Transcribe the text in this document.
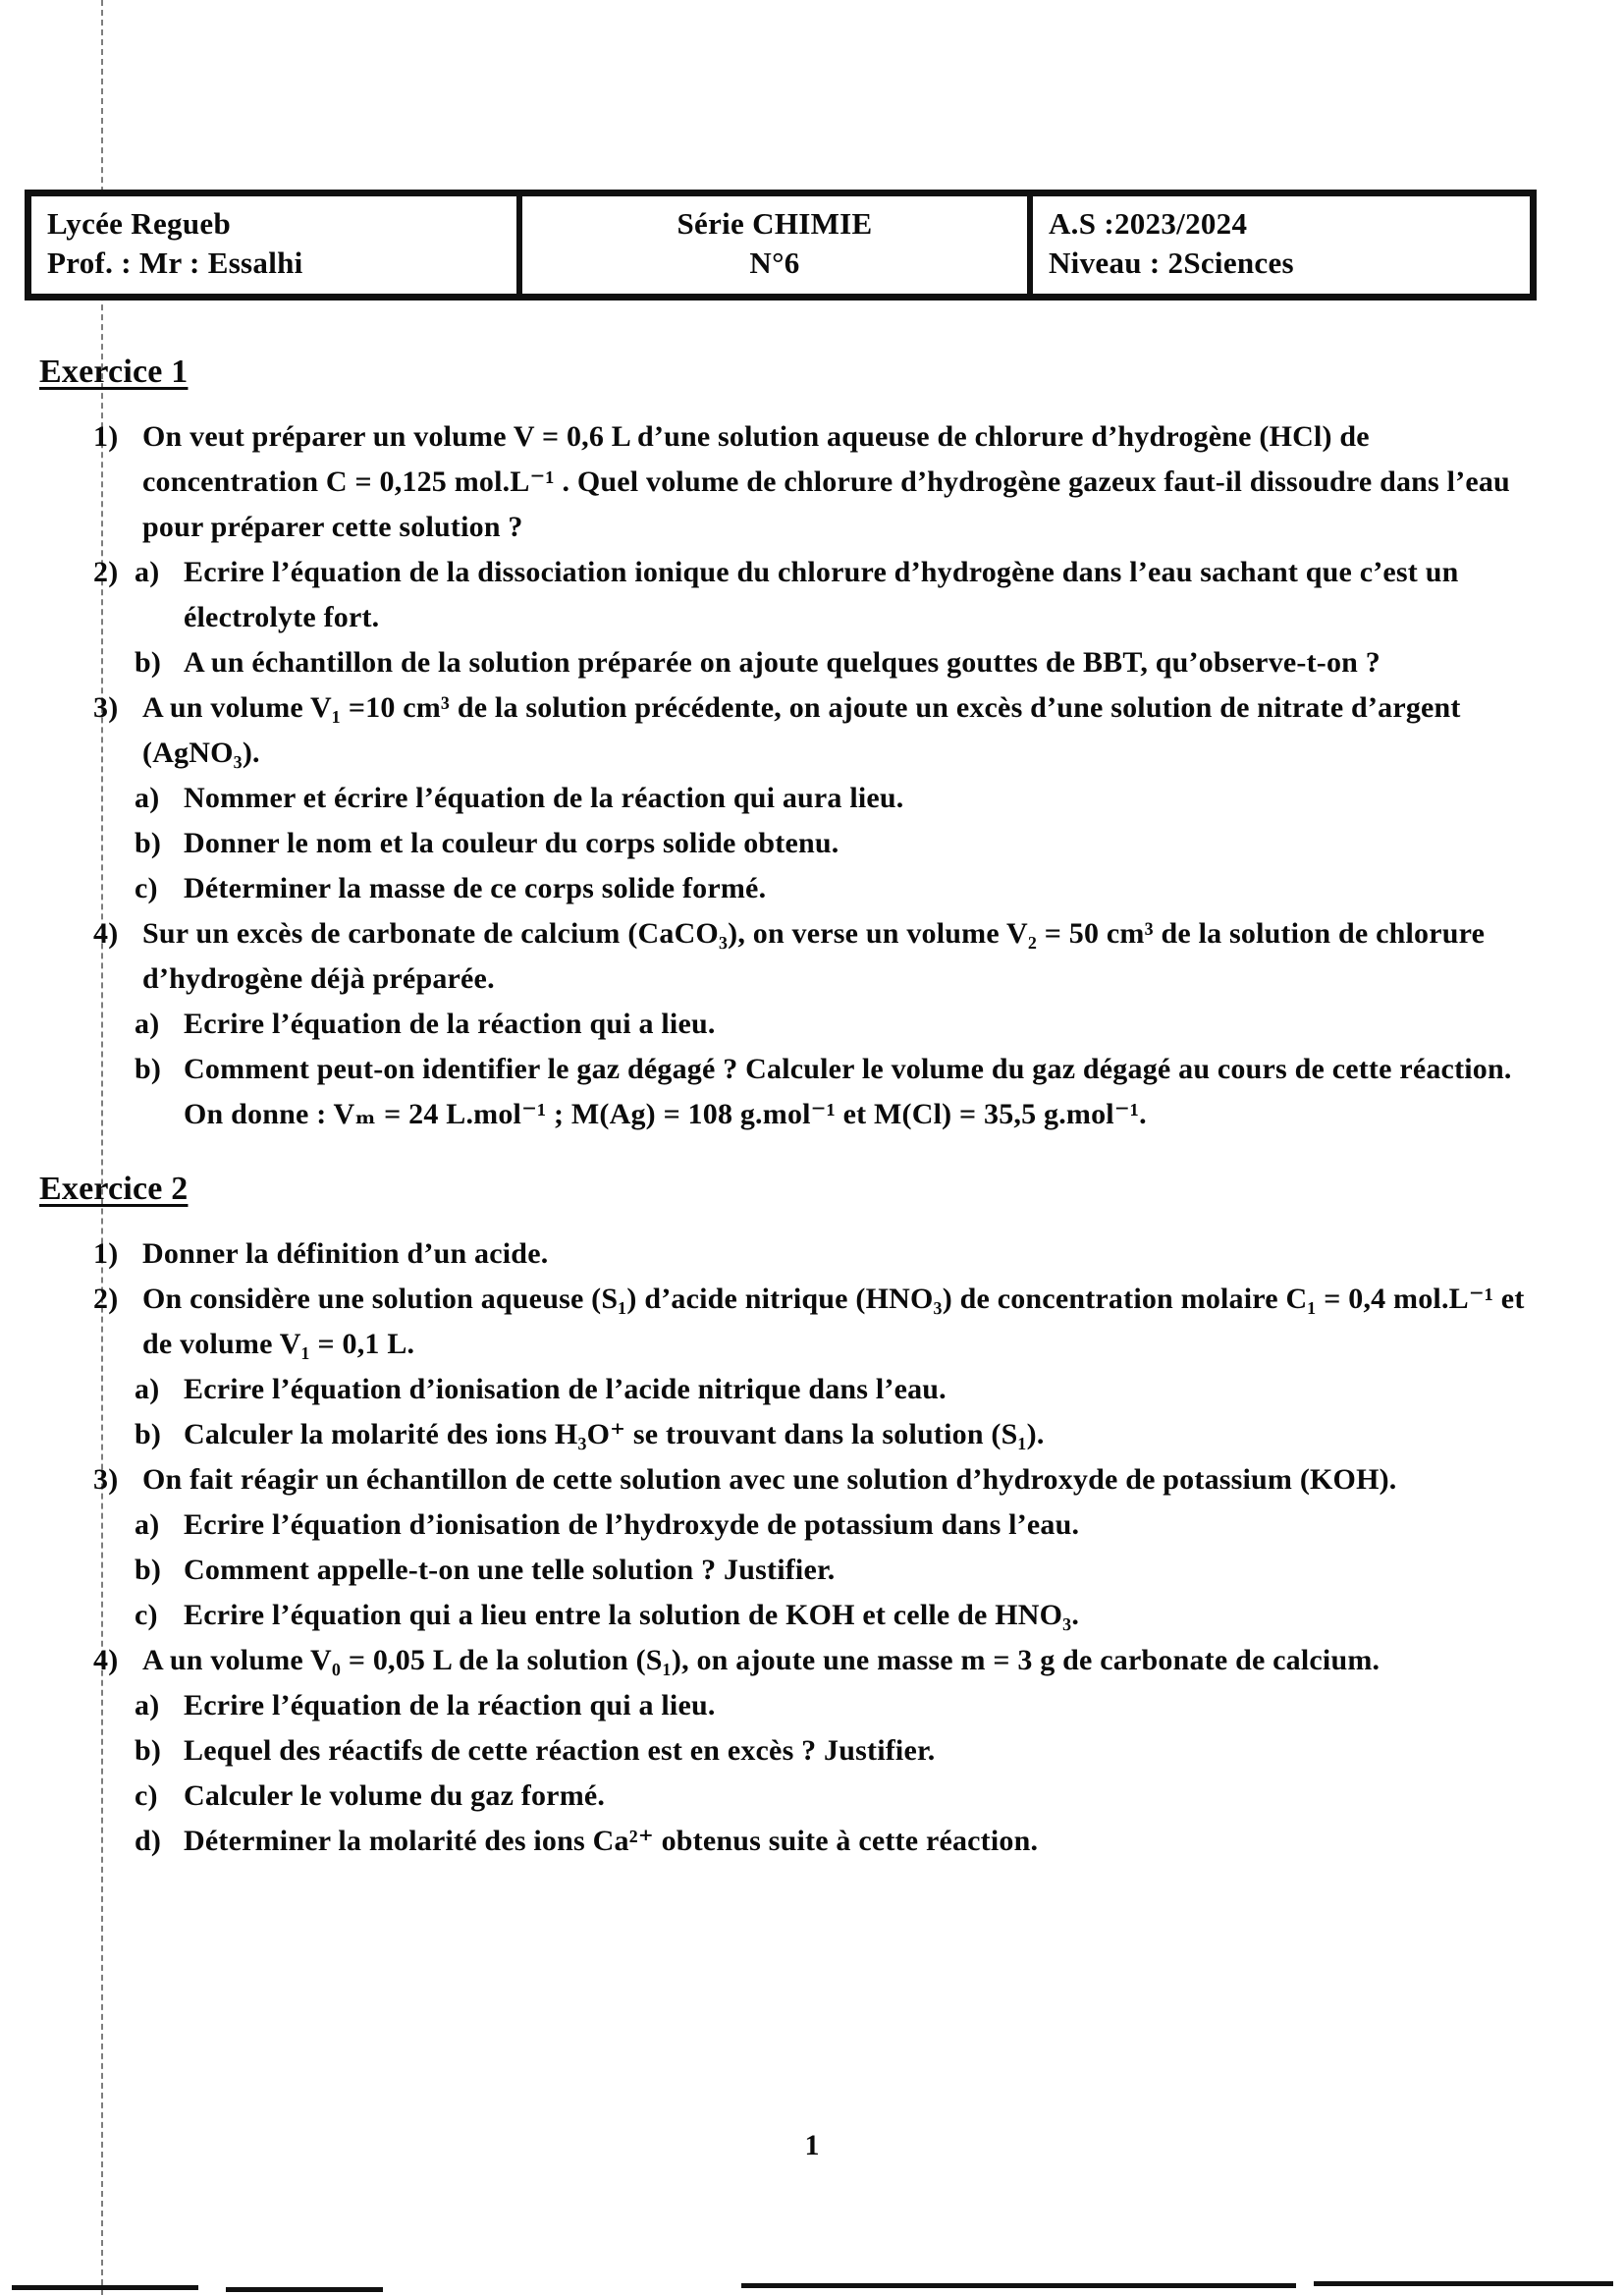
Lycée Regueb
Prof. : Mr : Essalhi
Série CHIMIE
N°6
A.S :2023/2024
Niveau : 2Sciences
Exercice 1
1) On veut préparer un volume V = 0,6 L d’une solution aqueuse de chlorure d’hydrogène (HCl) de concentration C = 0,125 mol.L⁻¹ . Quel volume de chlorure d’hydrogène gazeux faut-il dissoudre dans l’eau pour préparer cette solution ?
2) a) Ecrire l’équation de la dissociation ionique du chlorure d’hydrogène dans l’eau sachant que c’est un électrolyte fort.
b) A un échantillon de la solution préparée on ajoute quelques gouttes de BBT, qu’observe-t-on ?
3) A un volume V₁ =10 cm³ de la solution précédente, on ajoute un excès d’une solution de nitrate d’argent (AgNO₃).
a) Nommer et écrire l’équation de la réaction qui aura lieu.
b) Donner le nom et la couleur du corps solide obtenu.
c) Déterminer la masse de ce corps solide formé.
4) Sur un excès de carbonate de calcium (CaCO₃), on verse un volume V₂ = 50 cm³ de la solution de chlorure d’hydrogène déjà préparée.
a) Ecrire l’équation de la réaction qui a lieu.
b) Comment peut-on identifier le gaz dégagé ? Calculer le volume du gaz dégagé au cours de cette réaction.
On donne : Vₘ = 24 L.mol⁻¹ ; M(Ag) = 108 g.mol⁻¹ et M(Cl) = 35,5 g.mol⁻¹.
Exercice 2
1) Donner la définition d’un acide.
2) On considère une solution aqueuse (S₁) d’acide nitrique (HNO₃) de concentration molaire C₁ = 0,4 mol.L⁻¹ et de volume V₁ = 0,1 L.
a) Ecrire l’équation d’ionisation de l’acide nitrique dans l’eau.
b) Calculer la molarité des ions H₃O⁺ se trouvant dans la solution (S₁).
3) On fait réagir un échantillon de cette solution avec une solution d’hydroxyde de potassium (KOH).
a) Ecrire l’équation d’ionisation de l’hydroxyde de potassium dans l’eau.
b) Comment appelle-t-on une telle solution ? Justifier.
c) Ecrire l’équation qui a lieu entre la solution de KOH et celle de HNO₃.
4) A un volume V₀ = 0,05 L de la solution (S₁), on ajoute une masse m = 3 g de carbonate de calcium.
a) Ecrire l’équation de la réaction qui a lieu.
b) Lequel des réactifs de cette réaction est en excès ? Justifier.
c) Calculer le volume du gaz formé.
d) Déterminer la molarité des ions Ca²⁺ obtenus suite à cette réaction.
1
